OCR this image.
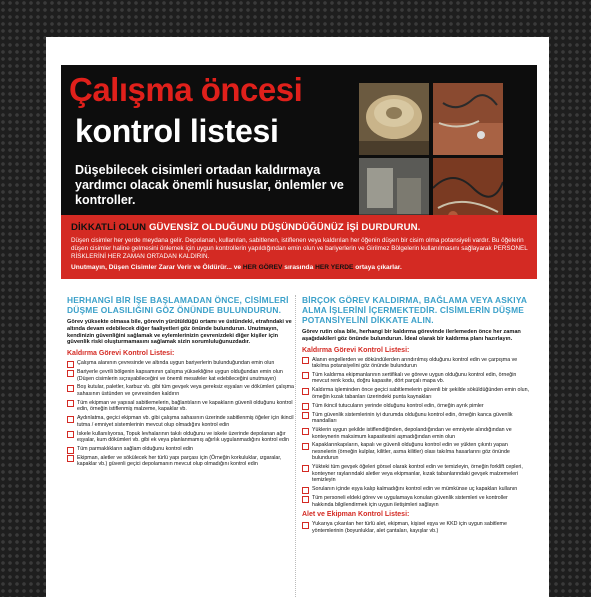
Çalışma öncesi
kontrol listesi
Düşebilecek cisimleri ortadan kaldırmaya yardımcı olacak önemli hususlar, önlemler ve kontroller.
DİKKATLİ OLUN GÜVENSİZ OLDUĞUNU DÜŞÜNDÜĞÜNÜZ İŞİ DURDURUN.
Düşen cisimler her yerde meydana gelir. Depolanan, kullanılan, sabitlenen, istiflenen veya kaldırılan her öğenin düşen bir cisim olma potansiyeli vardır. Bu öğelerin düşen cisimler haline gelmesini önlemek için uygun kontrollerin yapıldığından emin olun ve bariyerlerin ve Girilmez Bölgelerin kullanılmasını sağlayarak PERSONEL RİSKLERİNİ HER ZAMAN ORTADAN KALDIRIN.
Unutmayın, Düşen Cisimler Zarar Verir ve Öldürür... ve HER GÖREV sırasında HER YERDE ortaya çıkarlar.
HERHANGİ BİR İŞE BAŞLAMADAN ÖNCE, CİSİMLERİ DÜŞME OLASILIĞINI GÖZ ÖNÜNDE BULUNDURUN.

Görev yüksekte olmasa bile, görevin yürütüldüğü ortamı ve üstündeki, etrafındaki ve altında devam edebilecek diğer faaliyetleri göz önünde bulundurun. Unutmayın, kendinizin güvenliğini sağlamak ve eylemlerinizin çevrenizdeki diğer kişiler için güvenlik riski oluşturmamasını sağlamak sizin sorumluluğunuzdadır.

Kaldırma Görevi Kontrol Listesi:
Çalışma alanının çevresinde ve altında uygun bariyerlerin bulunduğundan emin olun
Bariyerle çevrili bölgenin kapsamının çalışma yüksekliğine uygun olduğundan emin olun (Düşen cisimlerin sıçrayabileceğini ve önemli mesafeler kat edebileceğini unutmayın)
Boş kutular, paletler, karbuz vb. gibi tüm gevşek veya gereksiz eşyaları ve dökümleri çalışma sahasının üstünden ve çevresinden kaldırın
Tüm ekipman ve yapısal sabitlemelerin, bağlantıların ve kapakların güvenli olduğunu kontrol edin, örneğin istiflenmiş malzeme, kapaklar vb.
Aydınlatma, geçici ekipman vb. gibi çalışma sahasının üzerinde sabitlenmiş öğeler için ikincil tutma / emniyet sistemlerinin mevcut olup olmadığını kontrol edin
İskele kullanılıyorsa, Topuk levhalarının takılı olduğunu ve iskele üzerinde depolanan ağır eşyalar, kum dökümleri vb. gibi ek veya planlanmamış ağırlık uygulanmadığını kontrol edin
Tüm parmaklıkların sağlam olduğunu kontrol edin
Ekipman, aletler ve sökülecek her türlü yapı parçası için (Örneğin korkuluklar, ızgaralar, kapaklar vb.) güvenli geçici depolamanın mevcut olup olmadığını kontrol edin
BİRÇOK GÖREV KALDIRMA, BAĞLAMA VEYA ASKIYA ALMA İŞLERİNİ İÇERMEKTEDİR. CİSİMLERİN DÜŞME POTANSİYELİNİ DİKKATE ALIN.

Görev rutin olsa bile, herhangi bir kaldırma görevinde ilerlemeden önce her zaman aşağıdakileri göz önünde bulundurun. İdeal olarak bir kaldırma planı hazırlayın.

Kaldırma Görevi Kontrol Listesi:
Alanın engellerden ve dökündülerden arındırılmış olduğunu kontrol edin ve çarpışma ve takılma potansiyelini göz önünde bulundurun
Tüm kaldırma ekipmanlarının sertifikalı ve göreve uygun olduğunu kontrol edin, örneğin mevcut renk kodu, doğru kapasite, dört parçalı mapa vb.
Kaldırma işleminden önce geçici sabitlemelerin güvenli bir şekilde söküldüğünden emin olun, örneğin kızak tabanları üzerindeki punta kaynakları
Tüm ikincil tutucuların yerinde olduğunu kontrol edin, örneğin ayrık pimler
Tüm güvenlik sistemlerinin iyi durumda olduğunu kontrol edin, örneğin kanca güvenlik mandalları
Yüklerin uygun şekilde istiflendiğinden, depolandığından ve emniyete alındığından ve konteynerin maksimum kapasitesini aşmadığından emin olun
Kapaklarınkapıların, kapalı ve güvenli olduğunu kontrol edin ve yükten çıkıntı yapan nesnelerin (örneğin kulplar, kilitler, asma kilitler) olası takılma hasarlarını göz önünde bulundurun
Yükteki tüm gevşek öğeleri görsel olarak kontrol edin ve temizleyin, örneğin forklift cepleri, konteyner raylarındaki aletler veya ekipmanlar, kızak tabanlarındaki gevşek malzemeleri temizleyin
Sorulanın içinde eşya kalıp kalmadığını kontrol edin ve mümkünse uç kapakları kullanın
Tüm personeli eldeki görev ve uygulamaya konulan güvenlik sistemleri ve kontroller hakkında bilgilendirmek için uygun iletişimleri sağlayın
Alet ve Ekipman Kontrol Listesi:
Yukarıya çıkarılan her türlü alet, ekipman, kişisel eşya ve KKD için uygun sabitleme yöntemlerinin (boyunluklar, alet çantaları, kayışlar vb.)
